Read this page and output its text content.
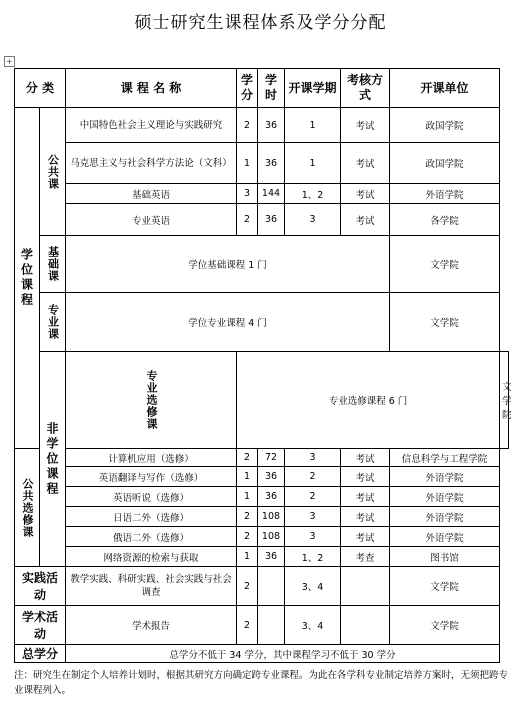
硕士研究生课程体系及学分分配
+
分 类		课 程 名 称	学分	学时	开课学期	考核方式	开课单位	
学位课程	公共课	中国特色社会主义理论与实践研究	2	36	1	考试	政国学院	
		马克思主义与社会科学方法论（文科）	1	36	1	考试	政国学院	
		基础英语	3	144	1、2	考试	外语学院	
		专业英语	2	36	3	考试	各学院	
	基础课	学位基础课程 1 门					文学院	
	专业课	学位专业课程 4 门					文学院	
	非学位课程	专业选修课	专业选修课程 6 门					文学院
公共选修课		计算机应用（选修）	2	72	3	考试	信息科学与工程学院	
		英语翻译与写作（选修）	1	36	2	考试	外语学院	
		英语听说（选修）	1	36	2	考试	外语学院	
		日语二外（选修）	2	108	3	考试	外语学院	
		俄语二外（选修）	2	108	3	考试	外语学院	
		网络资源的检索与获取	1	36	1、2	考查	图书馆	
实践活动		教学实践、科研实践、社会实践与社会调查	2		3、4		文学院	
学术活动		学术报告	2		3、4		文学院	
总学分		总学分不低于 34 学分，其中课程学习不低于 30 学分						
注：研究生在制定个人培养计划时，根据其研究方向确定跨专业课程。为此在各学科专业制定培养方案时，无须把跨专业课程列入。
